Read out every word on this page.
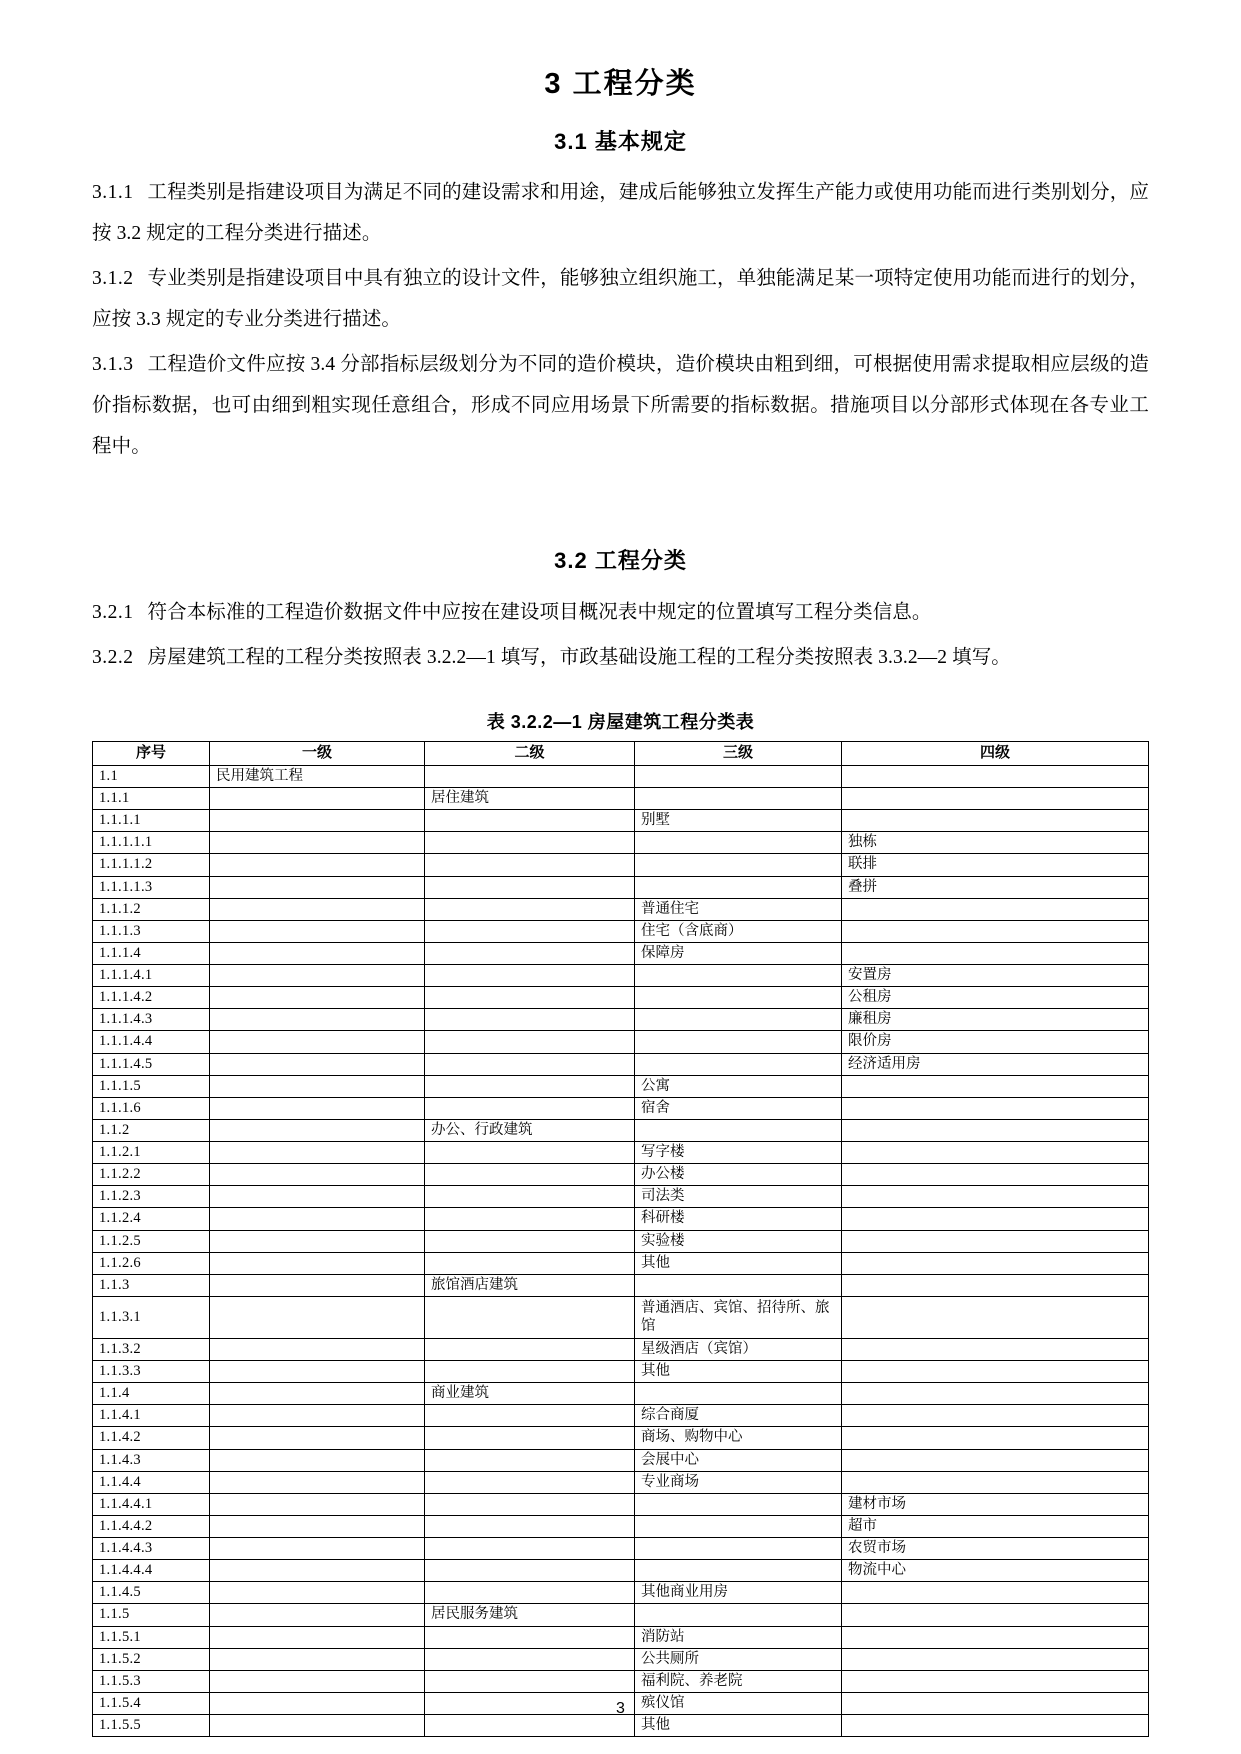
3 工程分类
3.1 基本规定

3.1.1 工程类别是指建设项目为满足不同的建设需求和用途，建成后能够独立发挥生产能力或使用功能而进行类别划分，应按 3.2 规定的工程分类进行描述。

3.1.2 专业类别是指建设项目中具有独立的设计文件，能够独立组织施工，单独能满足某一项特定使用功能而进行的划分，应按 3.3 规定的专业分类进行描述。

3.1.3 工程造价文件应按 3.4 分部指标层级划分为不同的造价模块，造价模块由粗到细，可根据使用需求提取相应层级的造价指标数据，也可由细到粗实现任意组合，形成不同应用场景下所需要的指标数据。措施项目以分部形式体现在各专业工程中。

3.2 工程分类

3.2.1 符合本标准的工程造价数据文件中应按在建设项目概况表中规定的位置填写工程分类信息。

3.2.2 房屋建筑工程的工程分类按照表 3.2.2—1 填写，市政基础设施工程的工程分类按照表 3.3.2—2 填写。

表 3.2.2—1 房屋建筑工程分类表
序号	一级	二级	三级	四级
1.1	民用建筑工程			
1.1.1		居住建筑		
1.1.1.1			别墅	
1.1.1.1.1				独栋
1.1.1.1.2				联排
1.1.1.1.3				叠拼
1.1.1.2			普通住宅	
1.1.1.3			住宅（含底商）	
1.1.1.4			保障房	
1.1.1.4.1				安置房
1.1.1.4.2				公租房
1.1.1.4.3				廉租房
1.1.1.4.4				限价房
1.1.1.4.5				经济适用房
1.1.1.5			公寓	
1.1.1.6			宿舍	
1.1.2		办公、行政建筑		
1.1.2.1			写字楼	
1.1.2.2			办公楼	
1.1.2.3			司法类	
1.1.2.4			科研楼	
1.1.2.5			实验楼	
1.1.2.6			其他	
1.1.3		旅馆酒店建筑		
1.1.3.1			普通酒店、宾馆、招待所、旅馆	
1.1.3.2			星级酒店（宾馆）	
1.1.3.3			其他	
1.1.4		商业建筑		
1.1.4.1			综合商厦	
1.1.4.2			商场、购物中心	
1.1.4.3			会展中心	
1.1.4.4			专业商场	
1.1.4.4.1				建材市场
1.1.4.4.2				超市
1.1.4.4.3				农贸市场
1.1.4.4.4				物流中心
1.1.4.5			其他商业用房	
1.1.5		居民服务建筑		
1.1.5.1			消防站	
1.1.5.2			公共厕所	
1.1.5.3			福利院、养老院	
1.1.5.4			殡仪馆	
1.1.5.5			其他	
3
